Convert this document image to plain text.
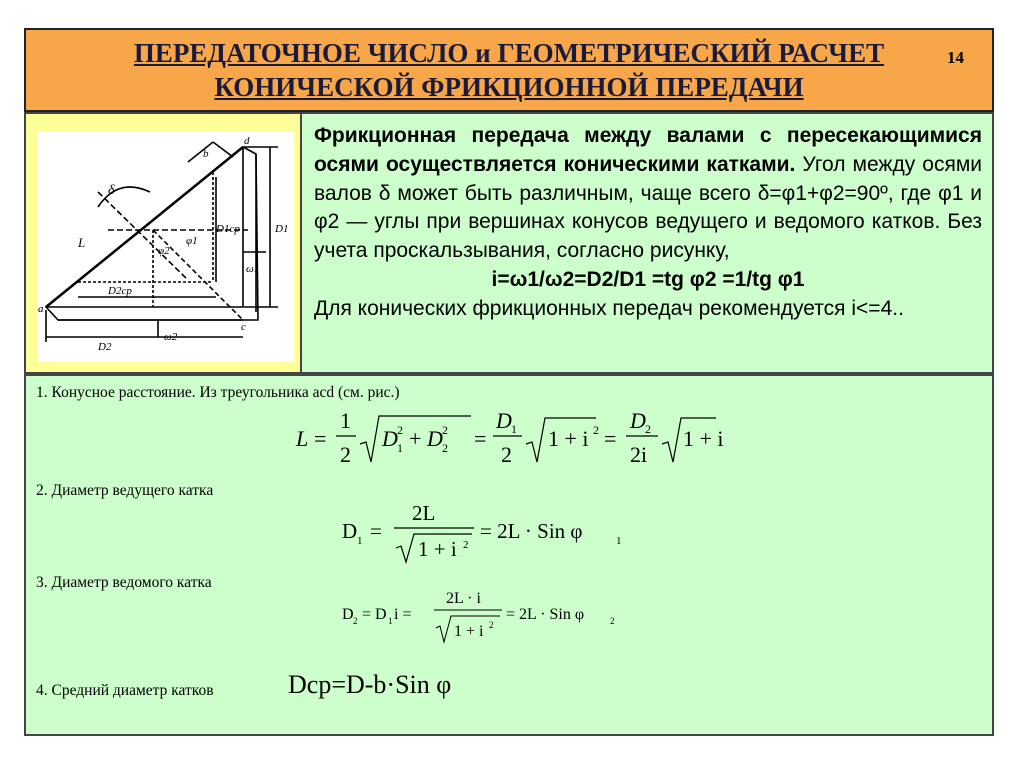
ПЕРЕДАТОЧНОЕ ЧИСЛО и ГЕОМЕТРИЧЕСКИЙ РАСЧЕТ
КОНИЧЕСКОЙ ФРИКЦИОННОЙ ПЕРЕДАЧИ
14
a
b
c
d
L
δ
φ1
φ2
D1
D2
D1ср
D2ср
ω1
ω2
Фрикционная передача между валами с пересекающимися осями осуществляется коническими катками. Угол между осями валов δ может быть различным, чаще всего δ=φ1+φ2=90º, где φ1 и φ2 — углы при вершинах конусов ведущего и ведомого катков. Без учета проскальзывания, согласно рисунку,
i=ω1/ω2=D2/D1 =tg φ2 =1/tg φ1
Для конических фрикционных передач рекомендуется i<=4..
1. Конусное расстояние. Из треугольника acd (см. рис.)
L =
1
2
D 1
2 + D 2
2 =
D 1
2
1 + i 2 =
D 2
2i
1 + i
2. Диаметр ведущего катка
D 1 =
2L
1 + i 2
= 2L · Sin φ	1
3. Диаметр ведомого катка
D 2 = D 1 i =
2L · i
1 + i 2
= 2L · Sin φ	2
4. Средний диаметр катков	Dср=D-b·Sin φ
